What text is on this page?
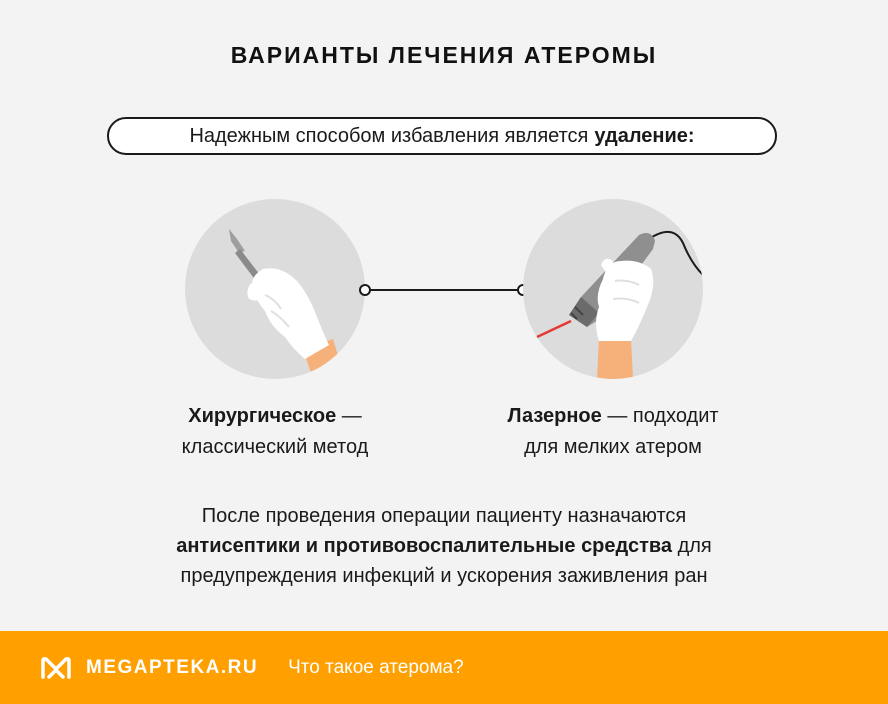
ВАРИАНТЫ ЛЕЧЕНИЯ АТЕРОМЫ
Надежным способом избавления является удаление:
Хирургическое —
классический метод
Лазерное — подходит
для мелких атером
После проведения операции пациенту назначаются
антисептики и противовоспалительные средства для
предупреждения инфекций и ускорения заживления ран
MEGAPTEKA.RU Что такое атерома?
